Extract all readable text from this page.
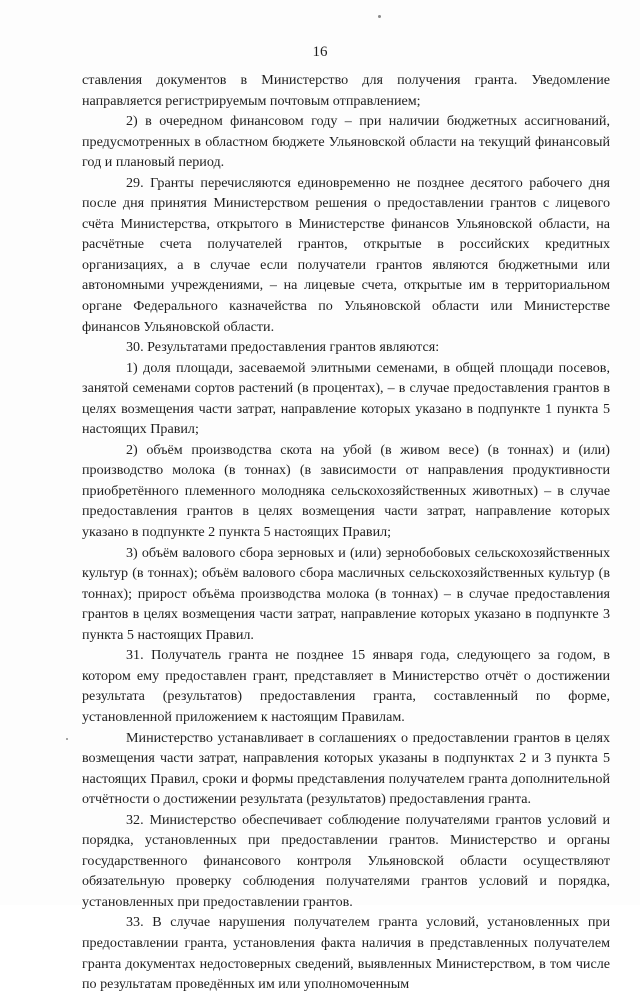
16

ставления документов в Министерство для получения гранта. Уведомление направляется регистрируемым почтовым отправлением;

2) в очередном финансовом году – при наличии бюджетных ассигнований, предусмотренных в областном бюджете Ульяновской области на текущий финансовый год и плановый период.

29. Гранты перечисляются единовременно не позднее десятого рабочего дня после дня принятия Министерством решения о предоставлении грантов с лицевого счёта Министерства, открытого в Министерстве финансов Ульяновской области, на расчётные счета получателей грантов, открытые в российских кредитных организациях, а в случае если получатели грантов являются бюджетными или автономными учреждениями, – на лицевые счета, открытые им в территориальном органе Федерального казначейства по Ульяновской области или Министерстве финансов Ульяновской области.

30. Результатами предоставления грантов являются:

1) доля площади, засеваемой элитными семенами, в общей площади посевов, занятой семенами сортов растений (в процентах), – в случае предоставления грантов в целях возмещения части затрат, направление которых указано в подпункте 1 пункта 5 настоящих Правил;

2) объём производства скота на убой (в живом весе) (в тоннах) и (или) производство молока (в тоннах) (в зависимости от направления продуктивности приобретённого племенного молодняка сельскохозяйственных животных) – в случае предоставления грантов в целях возмещения части затрат, направление которых указано в подпункте 2 пункта 5 настоящих Правил;

3) объём валового сбора зерновых и (или) зернобобовых сельскохозяйственных культур (в тоннах); объём валового сбора масличных сельскохозяйственных культур (в тоннах); прирост объёма производства молока (в тоннах) – в случае предоставления грантов в целях возмещения части затрат, направление которых указано в подпункте 3 пункта 5 настоящих Правил.

31. Получатель гранта не позднее 15 января года, следующего за годом, в котором ему предоставлен грант, представляет в Министерство отчёт о достижении результата (результатов) предоставления гранта, составленный по форме, установленной приложением к настоящим Правилам.

Министерство устанавливает в соглашениях о предоставлении грантов в целях возмещения части затрат, направления которых указаны в подпунктах 2 и 3 пункта 5 настоящих Правил, сроки и формы представления получателем гранта дополнительной отчётности о достижении результата (результатов) предоставления гранта.

32. Министерство обеспечивает соблюдение получателями грантов условий и порядка, установленных при предоставлении грантов. Министерство и органы государственного финансового контроля Ульяновской области осуществляют обязательную проверку соблюдения получателями грантов условий и порядка, установленных при предоставлении грантов.

33. В случае нарушения получателем гранта условий, установленных при предоставлении гранта, установления факта наличия в представленных получателем гранта документах недостоверных сведений, выявленных Министерством, в том числе по результатам проведённых им или уполномоченным
